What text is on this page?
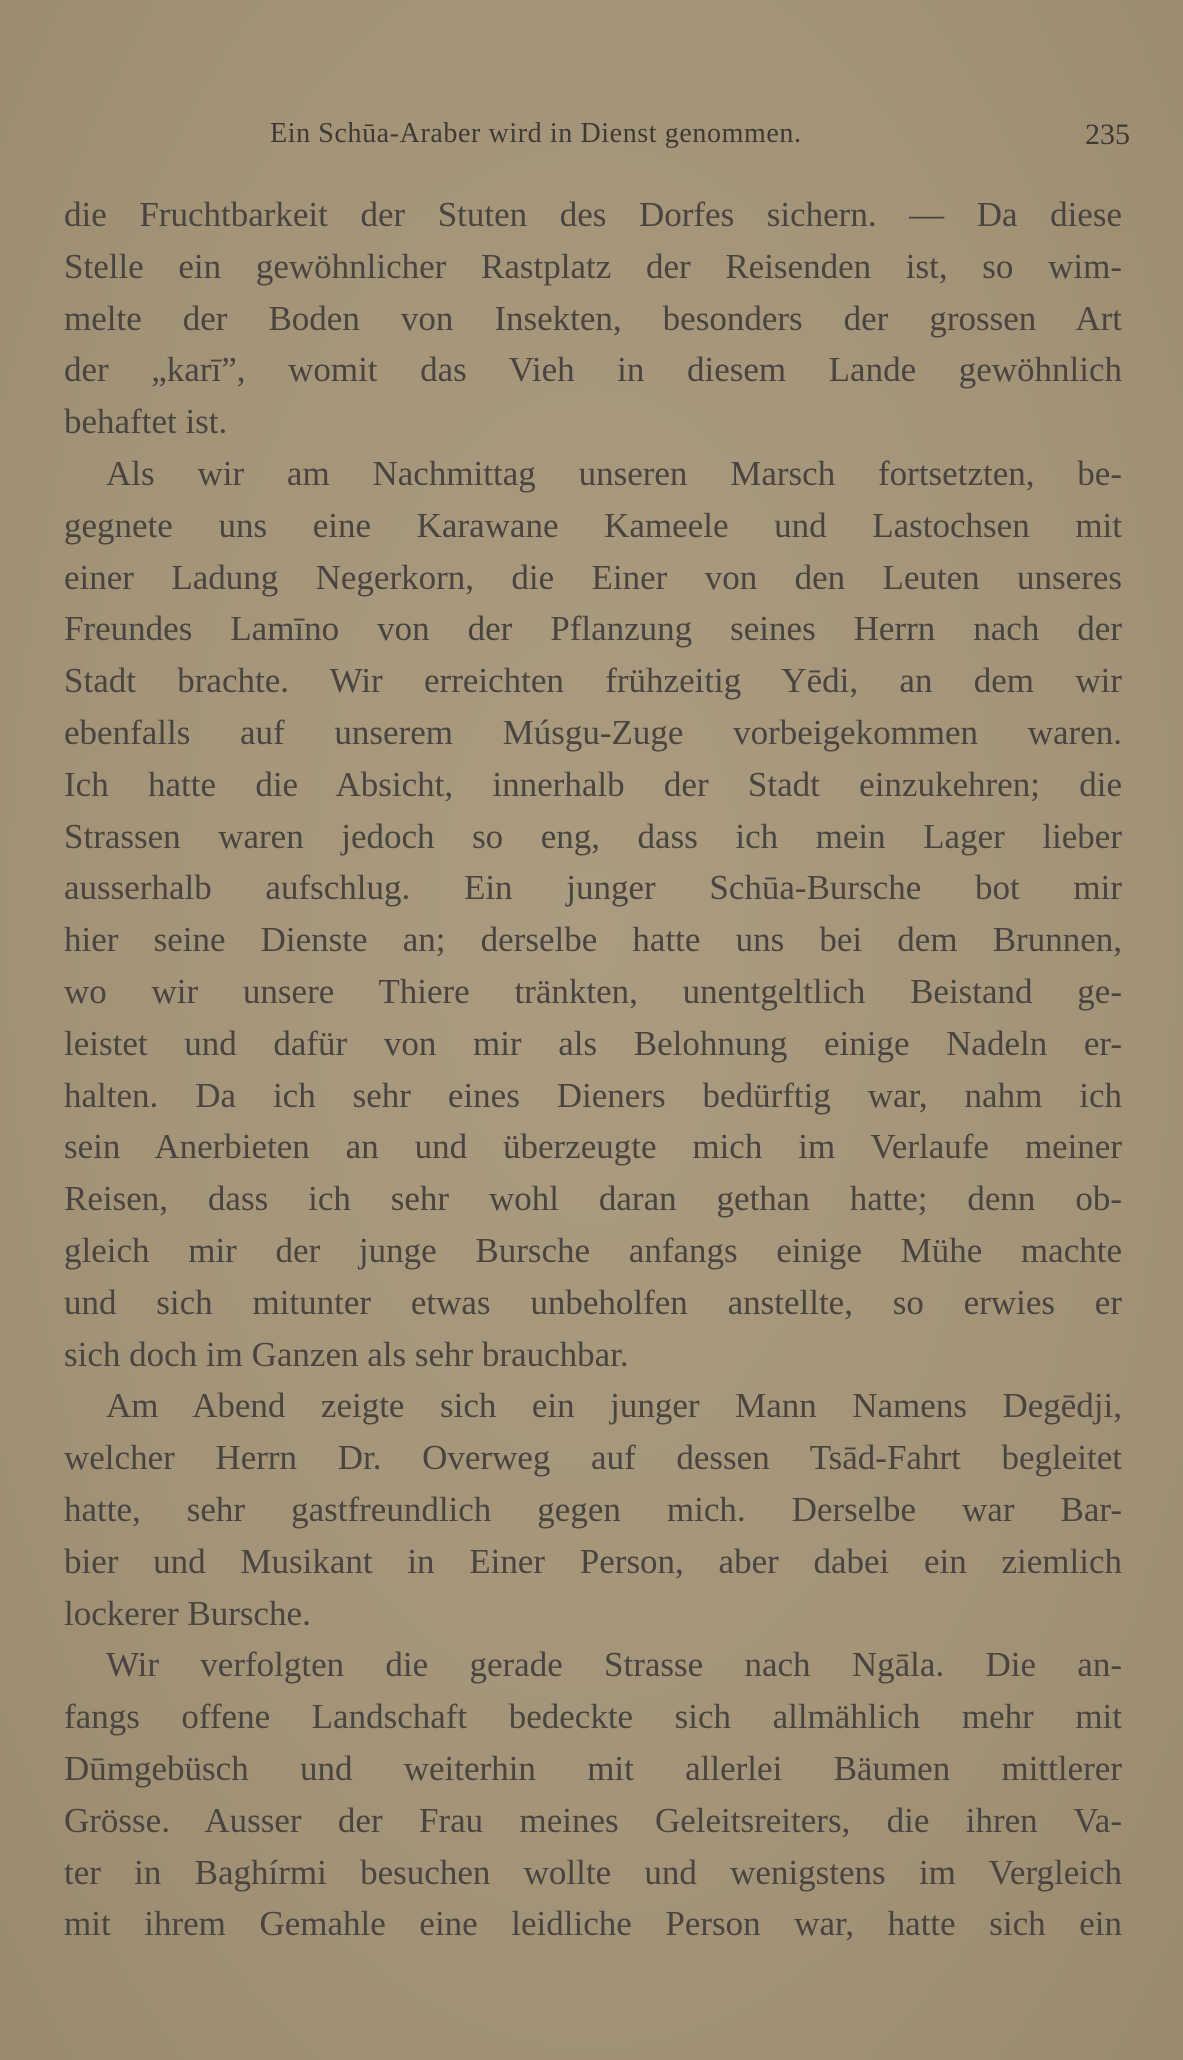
Ein Schūa-Araber wird in Dienst genommen.	235
die Fruchtbarkeit der Stuten des Dorfes sichern. — Da diese
Stelle ein gewöhnlicher Rastplatz der Reisenden ist, so wim-
melte der Boden von Insekten, besonders der grossen Art
der „karī”, womit das Vieh in diesem Lande gewöhnlich
behaftet ist.
Als wir am Nachmittag unseren Marsch fortsetzten, be-
gegnete uns eine Karawane Kameele und Lastochsen mit
einer Ladung Negerkorn, die Einer von den Leuten unseres
Freundes Lamīno von der Pflanzung seines Herrn nach der
Stadt brachte. Wir erreichten frühzeitig Yēdi, an dem wir
ebenfalls auf unserem Músgu-Zuge vorbeigekommen waren.
Ich hatte die Absicht, innerhalb der Stadt einzukehren; die
Strassen waren jedoch so eng, dass ich mein Lager lieber
ausserhalb aufschlug. Ein junger Schūa-Bursche bot mir
hier seine Dienste an; derselbe hatte uns bei dem Brunnen,
wo wir unsere Thiere tränkten, unentgeltlich Beistand ge-
leistet und dafür von mir als Belohnung einige Nadeln er-
halten. Da ich sehr eines Dieners bedürftig war, nahm ich
sein Anerbieten an und überzeugte mich im Verlaufe meiner
Reisen, dass ich sehr wohl daran gethan hatte; denn ob-
gleich mir der junge Bursche anfangs einige Mühe machte
und sich mitunter etwas unbeholfen anstellte, so erwies er
sich doch im Ganzen als sehr brauchbar.
Am Abend zeigte sich ein junger Mann Namens Degēdji,
welcher Herrn Dr. Overweg auf dessen Tsād-Fahrt begleitet
hatte, sehr gastfreundlich gegen mich. Derselbe war Bar-
bier und Musikant in Einer Person, aber dabei ein ziemlich
lockerer Bursche.
Wir verfolgten die gerade Strasse nach Ngāla. Die an-
fangs offene Landschaft bedeckte sich allmählich mehr mit
Dūmgebüsch und weiterhin mit allerlei Bäumen mittlerer
Grösse. Ausser der Frau meines Geleitsreiters, die ihren Va-
ter in Baghírmi besuchen wollte und wenigstens im Vergleich
mit ihrem Gemahle eine leidliche Person war, hatte sich ein
